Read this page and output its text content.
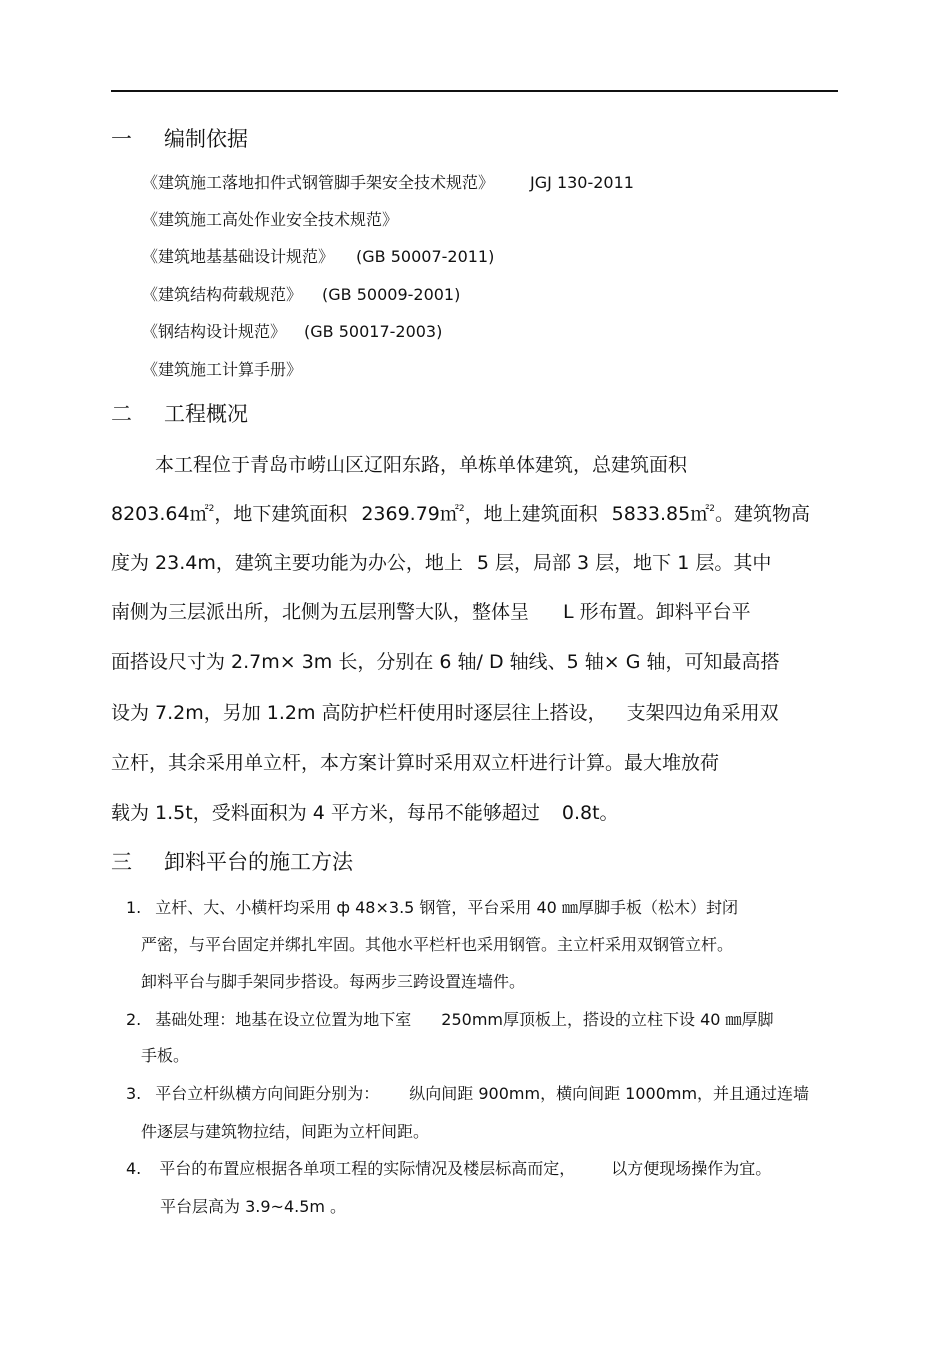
一 编制依据
《建筑施工落地扣件式钢管脚手架安全技术规范》 JGJ 130-2011
《建筑施工高处作业安全技术规范》
《建筑地基基础设计规范》 (GB 50007-2011)
《建筑结构荷载规范》 (GB 50009-2001)
《钢结构设计规范》 (GB 50017-2003)
《建筑施工计算手册》
二 工程概况
本工程位于青岛市崂山区辽阳东路，单栋单体建筑，总建筑面积
8203.64㎡$^2$，地下建筑面积 2369.79㎡$^2$，地上建筑面积 5833.85㎡$^2$。建筑物高
度为 23.4m，建筑主要功能为办公，地上 5 层，局部 3 层，地下 1 层。其中
南侧为三层派出所，北侧为五层刑警大队，整体呈 L 形布置。卸料平台平
面搭设尺寸为 2.7m× 3m 长，分别在 6 轴/ D 轴线、5 轴× G 轴，可知最高搭
设为 7.2m，另加 1.2m 高防护栏杆使用时逐层往上搭设， 支架四边角采用双
立杆，其余采用单立杆，本方案计算时采用双立杆进行计算。最大堆放荷
载为 1.5t，受料面积为 4 平方米，每吊不能够超过 0.8t。
三 卸料平台的施工方法
1. 立杆、大、小横杆均采用 ф 48×3.5 钢管，平台采用 40 ㎜厚脚手板（松木）封闭
严密，与平台固定并绑扎牢固。其他水平栏杆也采用钢管。主立杆采用双钢管立杆。
卸料平台与脚手架同步搭设。每两步三跨设置连墙件。
2. 基础处理：地基在设立位置为地下室 250mm厚顶板上，搭设的立柱下设 40 ㎜厚脚
手板。
3. 平台立杆纵横方向间距分别为： 纵向间距 900mm，横向间距 1000mm，并且通过连墙
件逐层与建筑物拉结，间距为立杆间距。
4. 平台的布置应根据各单项工程的实际情况及楼层标高而定， 以方便现场操作为宜。
平台层高为 3.9~4.5m 。
